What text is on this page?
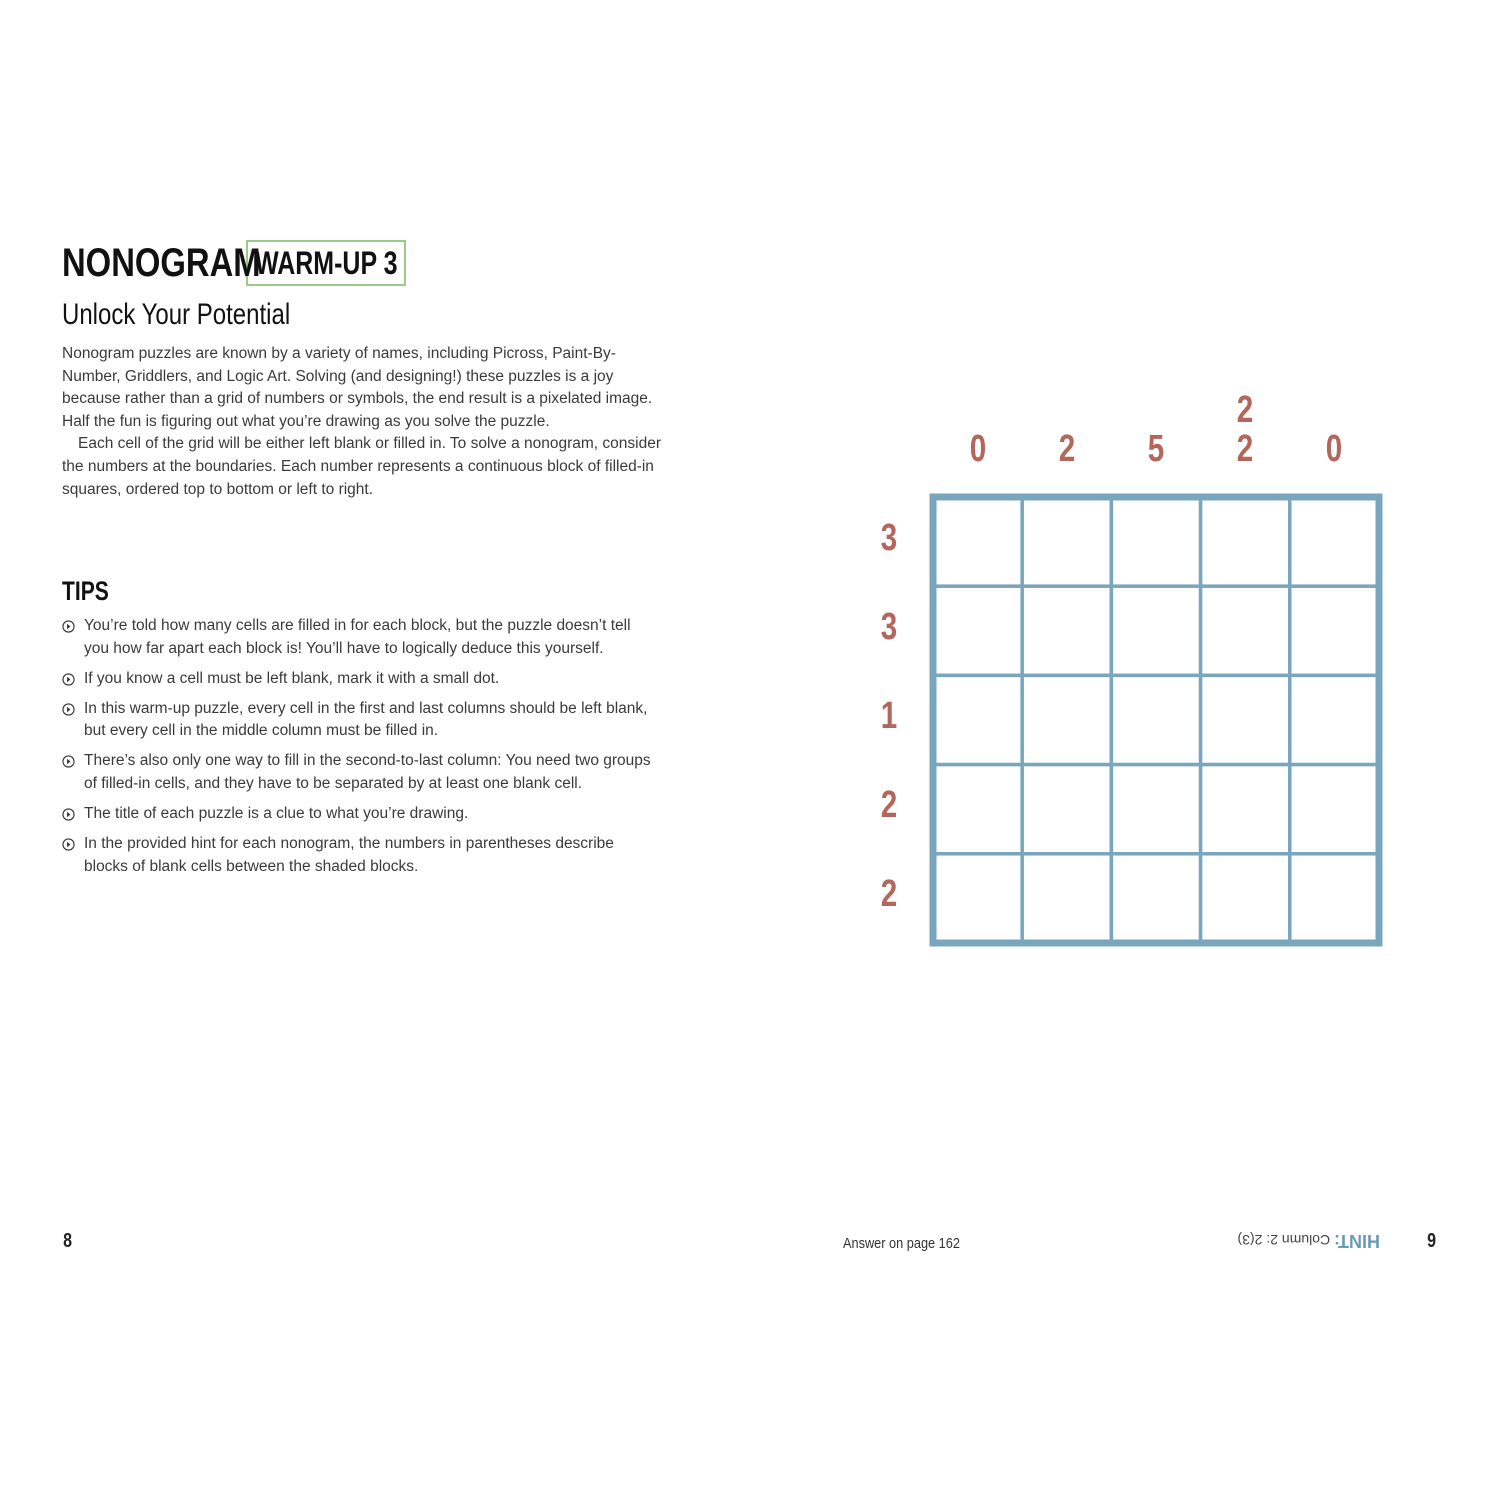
NONOGRAM
WARM-UP 3
Unlock Your Potential

Nonogram puzzles are known by a variety of names, including Picross, Paint-By-Number, Griddlers, and Logic Art. Solving (and designing!) these puzzles is a joy because rather than a grid of numbers or symbols, the end result is a pixelated image. Half the fun is figuring out what you’re drawing as you solve the puzzle.

Each cell of the grid will be either left blank or filled in. To solve a nonogram, consider the numbers at the boundaries. Each number represents a continuous block of filled-in squares, ordered top to bottom or left to right.

TIPS
You’re told how many cells are filled in for each block, but the puzzle doesn’t tell you how far apart each block is! You’ll have to logically deduce this yourself.
If you know a cell must be left blank, mark it with a small dot.
In this warm-up puzzle, every cell in the first and last columns should be left blank, but every cell in the middle column must be filled in.
There’s also only one way to fill in the second-to-last column: You need two groups of filled-in cells, and they have to be separated by at least one blank cell.
The title of each puzzle is a clue to what you’re drawing.
In the provided hint for each nonogram, the numbers in parentheses describe blocks of blank cells between the shaded blocks.
0 2 5
2
2 0
3
3
1
2
2
8	Answer on page 162	HINT: Column 2: 2(3)	9
